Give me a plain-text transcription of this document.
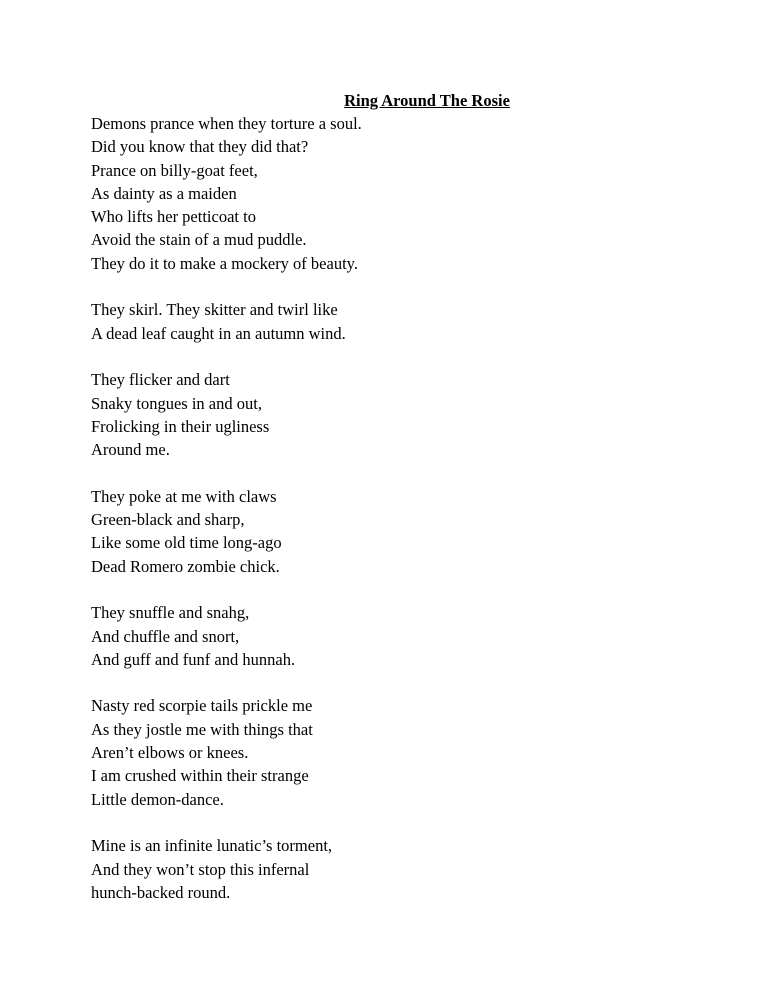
Ring Around The Rosie
Demons prance when they torture a soul.
Did you know that they did that?
Prance on billy-goat feet,
As dainty as a maiden
Who lifts her petticoat to
Avoid the stain of a mud puddle.
They do it to make a mockery of beauty.
They skirl. They skitter and twirl like
A dead leaf caught in an autumn wind.
They flicker and dart
Snaky tongues in and out,
Frolicking in their ugliness
Around me.
They poke at me with claws
Green-black and sharp,
Like some old time long-ago
Dead Romero zombie chick.
They snuffle and snahg,
And chuffle and snort,
And guff and funf and hunnah.
Nasty red scorpie tails prickle me
As they jostle me with things that
Aren’t elbows or knees.
I am crushed within their strange
Little demon-dance.
Mine is an infinite lunatic’s torment,
And they won’t stop this infernal
hunch-backed round.
